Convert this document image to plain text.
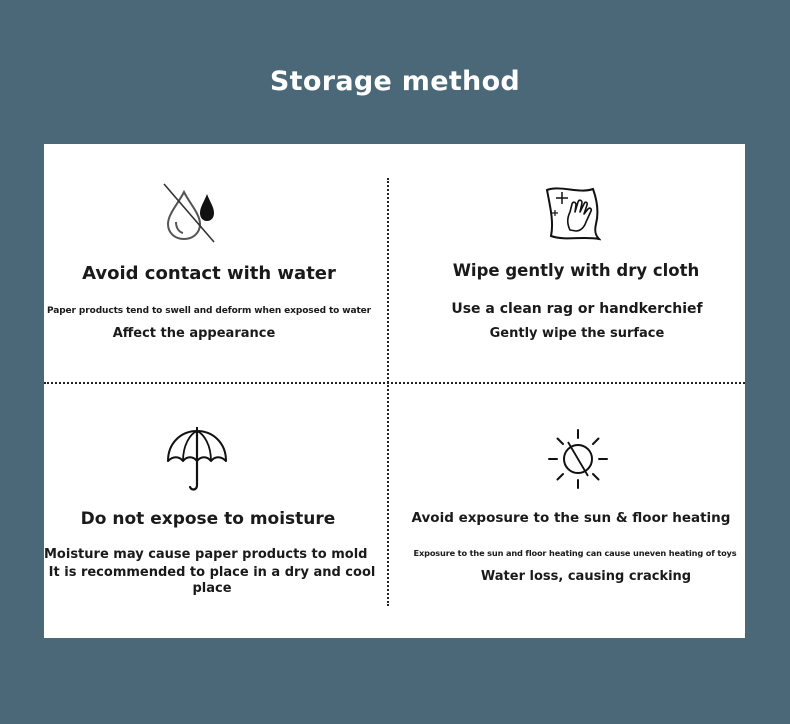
Storage method
Avoid contact with water
Paper products tend to swell and deform when exposed to water
Affect the appearance
Wipe gently with dry cloth
Use a clean rag or handkerchief
Gently wipe the surface
Do not expose to moisture
Moisture may cause paper products to mold
It is recommended to place in a dry and cool
place
Avoid exposure to the sun & floor heating
Exposure to the sun and floor heating can cause uneven heating of toys
Water loss, causing cracking
